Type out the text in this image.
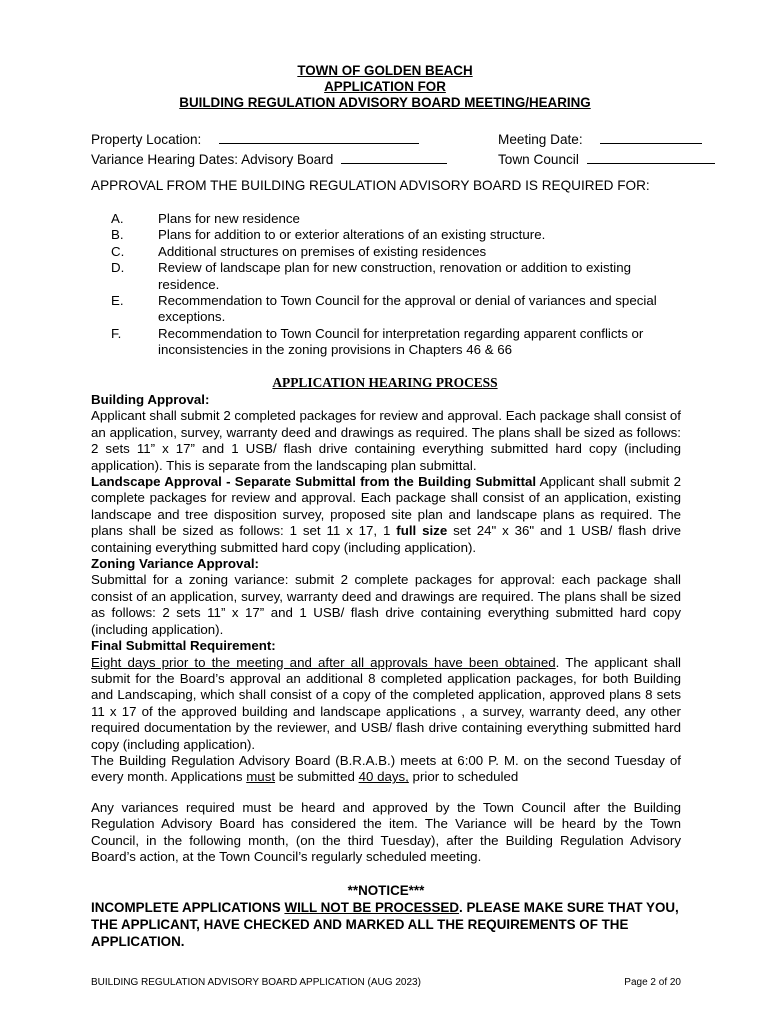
TOWN OF GOLDEN BEACH
APPLICATION FOR
BUILDING REGULATION ADVISORY BOARD MEETING/HEARING
Property Location:	Meeting Date:
Variance Hearing Dates: Advisory Board	Town Council
APPROVAL FROM THE BUILDING REGULATION ADVISORY BOARD IS REQUIRED FOR:
A.	Plans for new residence
B.	Plans for addition to or exterior alterations of an existing structure.
C.	Additional structures on premises of existing residences
D.	Review of landscape plan for new construction, renovation or addition to existing residence.
E.	Recommendation to Town Council for the approval or denial of variances and special exceptions.
F.	Recommendation to Town Council for interpretation regarding apparent conflicts or inconsistencies in the zoning provisions in Chapters 46 & 66
APPLICATION HEARING PROCESS

Building Approval:

Applicant shall submit 2 completed packages for review and approval. Each package shall consist of an application, survey, warranty deed and drawings as required. The plans shall be sized as follows: 2 sets 11” x 17” and 1 USB/ flash drive containing everything submitted hard copy (including application). This is separate from the landscaping plan submittal.

Landscape Approval - Separate Submittal from the Building Submittal Applicant shall submit 2 complete packages for review and approval. Each package shall consist of an application, existing landscape and tree disposition survey, proposed site plan and landscape plans as required. The plans shall be sized as follows: 1 set 11 x 17, 1 full size set 24" x 36" and 1 USB/ flash drive containing everything submitted hard copy (including application).

Zoning Variance Approval:

Submittal for a zoning variance: submit 2 complete packages for approval: each package shall consist of an application, survey, warranty deed and drawings are required. The plans shall be sized as follows: 2 sets 11” x 17” and 1 USB/ flash drive containing everything submitted hard copy (including application).

Final Submittal Requirement:

Eight days prior to the meeting and after all approvals have been obtained. The applicant shall submit for the Board’s approval an additional 8 completed application packages, for both Building and Landscaping, which shall consist of a copy of the completed application, approved plans 8 sets 11 x 17 of the approved building and landscape applications , a survey, warranty deed, any other required documentation by the reviewer, and USB/ flash drive containing everything submitted hard copy (including application).

The Building Regulation Advisory Board (B.R.A.B.) meets at 6:00 P. M. on the second Tuesday of every month. Applications must be submitted 40 days, prior to scheduled

Any variances required must be heard and approved by the Town Council after the Building Regulation Advisory Board has considered the item. The Variance will be heard by the Town Council, in the following month, (on the third Tuesday), after the Building Regulation Advisory Board’s action, at the Town Council’s regularly scheduled meeting.

**NOTICE***
INCOMPLETE APPLICATIONS WILL NOT BE PROCESSED. PLEASE MAKE SURE THAT YOU, THE APPLICANT, HAVE CHECKED AND MARKED ALL THE REQUIREMENTS OF THE APPLICATION.
BUILDING REGULATION ADVISORY BOARD APPLICATION (AUG 2023)	Page 2 of 20
